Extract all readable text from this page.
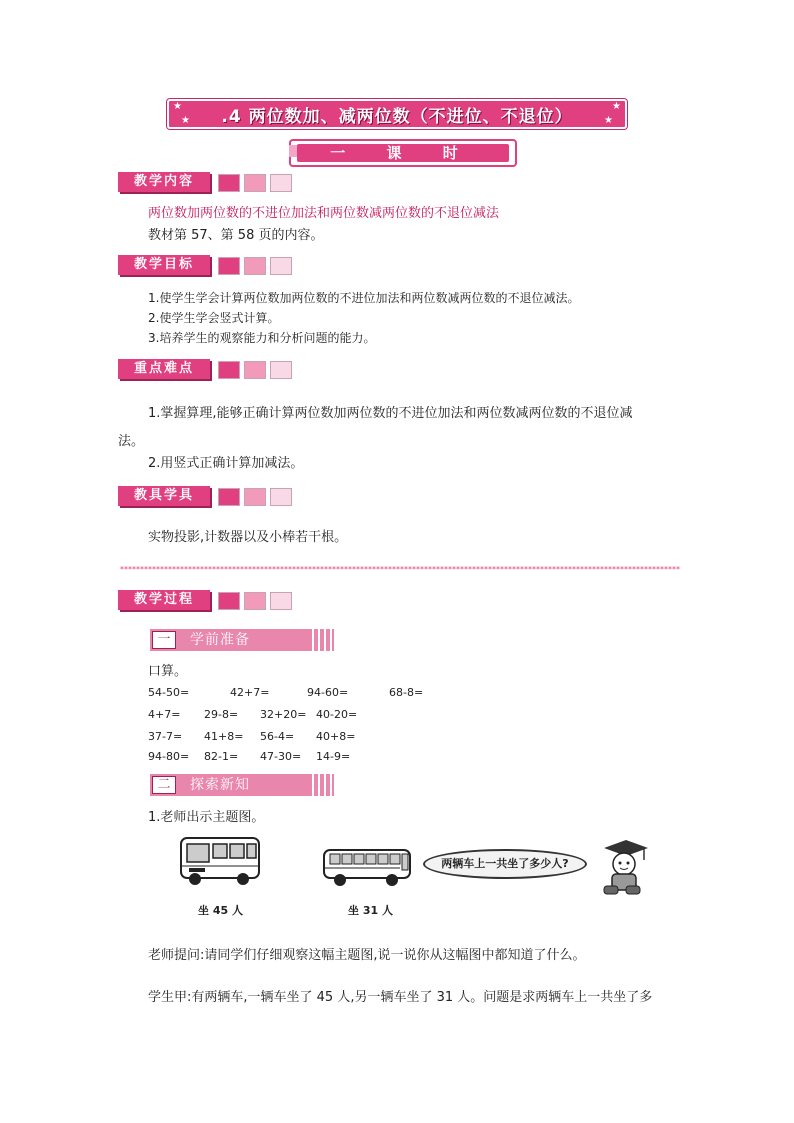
★
★
★
★
.4 两位数加、减两位数（不进位、不退位）
一 课 时
教学内容
两位数加两位数的不进位加法和两位数减两位数的不退位减法
教材第 57、第 58 页的内容。
教学目标
1.使学生学会计算两位数加两位数的不进位加法和两位数减两位数的不退位减法。
2.使学生学会竖式计算。
3.培养学生的观察能力和分析问题的能力。
重点难点
1.掌握算理,能够正确计算两位数加两位数的不进位加法和两位数减两位数的不退位减
法。
2.用竖式正确计算加减法。
教具学具
实物投影,计数器以及小棒若干根。
********************************************************************************************************************************************
教学过程
一	学前准备
口算。
54-50=	42+7=	94-60=	68-8=
4+7= 29-8= 32+20= 40-20=
37-7= 41+8= 56-4= 40+8=
94-80= 82-1= 47-30= 14-9=
二	探索新知
1.老师出示主题图。
坐 45 人	坐 31 人
两辆车上一共坐了多少人?
老师提问:请同学们仔细观察这幅主题图,说一说你从这幅图中都知道了什么。
学生甲:有两辆车,一辆车坐了 45 人,另一辆车坐了 31 人。问题是求两辆车上一共坐了多
